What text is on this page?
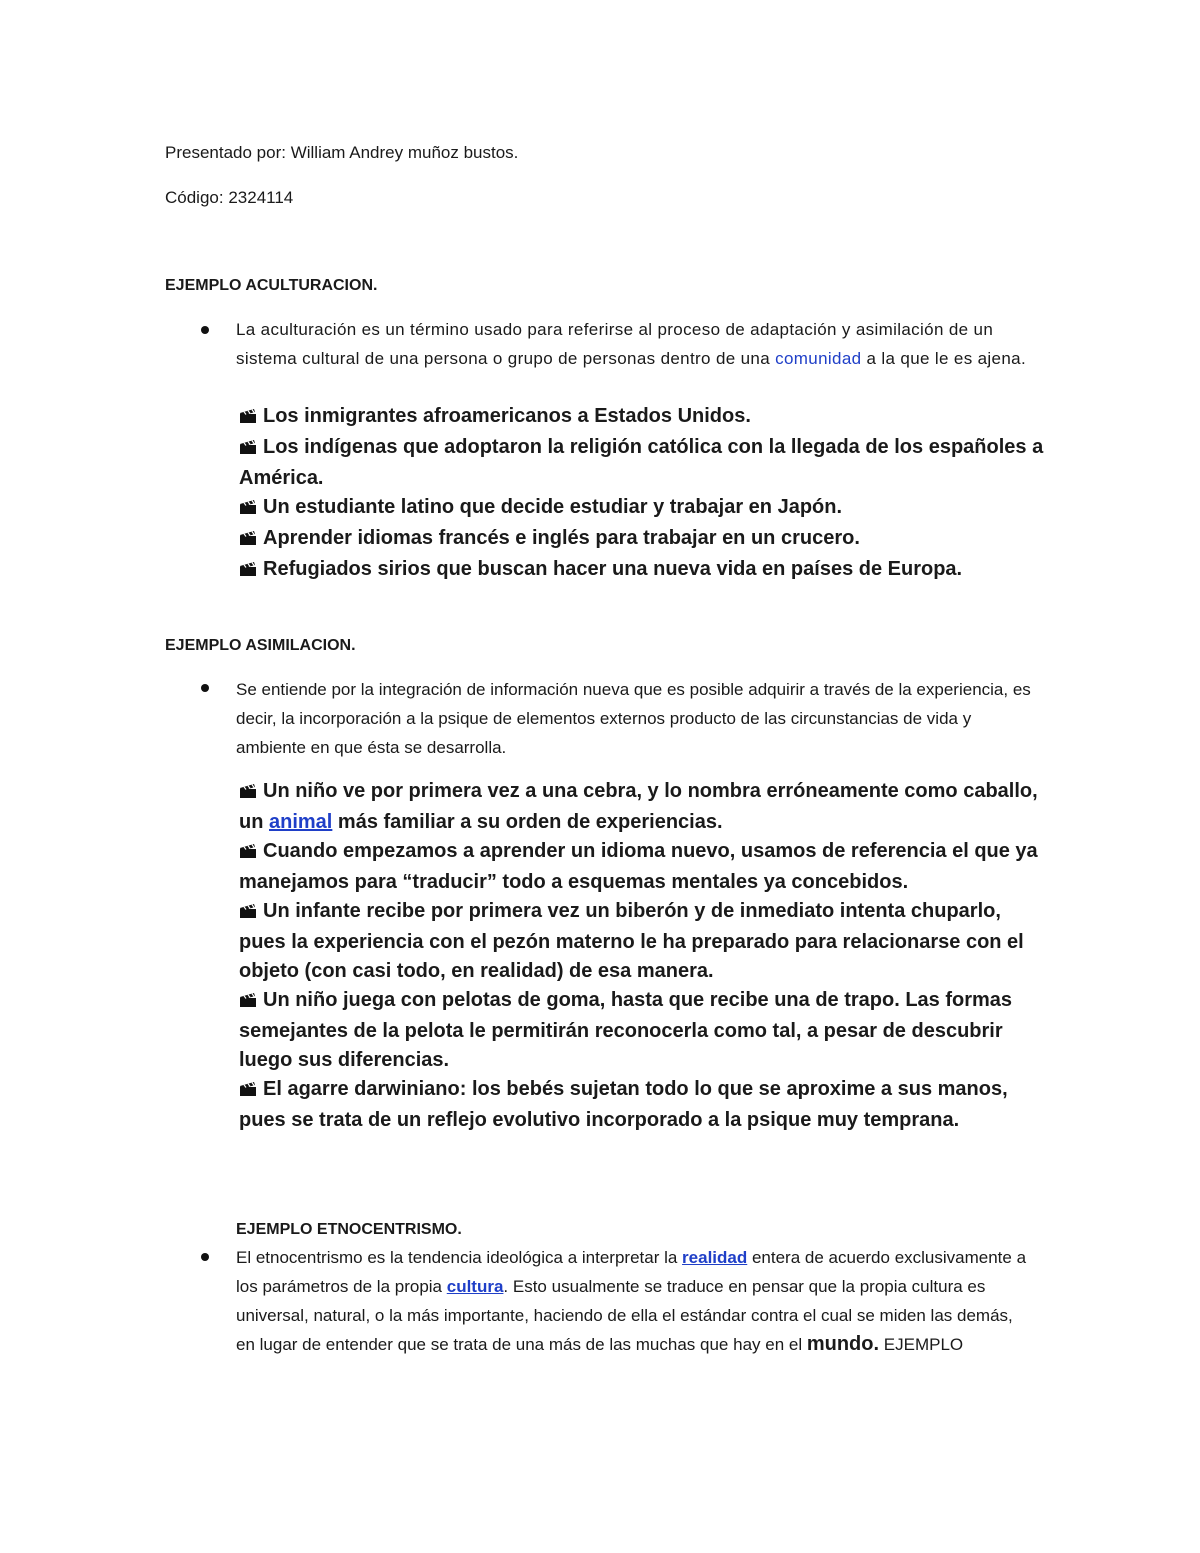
Presentado por: William Andrey muñoz bustos.
Código: 2324114
EJEMPLO ACULTURACION.
La aculturación es un término usado para referirse al proceso de adaptación y asimilación de un sistema cultural de una persona o grupo de personas dentro de una comunidad a la que le es ajena.

Los inmigrantes afroamericanos a Estados Unidos.

Los indígenas que adoptaron la religión católica con la llegada de los españoles a América.

Un estudiante latino que decide estudiar y trabajar en Japón.

Aprender idiomas francés e inglés para trabajar en un crucero.

Refugiados sirios que buscan hacer una nueva vida en países de Europa.

EJEMPLO ASIMILACION.
Se entiende por la integración de información nueva que es posible adquirir a través de la experiencia, es decir, la incorporación a la psique de elementos externos producto de las circunstancias de vida y ambiente en que ésta se desarrolla.

Un niño ve por primera vez a una cebra, y lo nombra erróneamente como caballo, un animal más familiar a su orden de experiencias.

Cuando empezamos a aprender un idioma nuevo, usamos de referencia el que ya manejamos para “traducir” todo a esquemas mentales ya concebidos.

Un infante recibe por primera vez un biberón y de inmediato intenta chuparlo, pues la experiencia con el pezón materno le ha preparado para relacionarse con el objeto (con casi todo, en realidad) de esa manera.

Un niño juega con pelotas de goma, hasta que recibe una de trapo. Las formas semejantes de la pelota le permitirán reconocerla como tal, a pesar de descubrir luego sus diferencias.

El agarre darwiniano: los bebés sujetan todo lo que se aproxime a sus manos, pues se trata de un reflejo evolutivo incorporado a la psique muy temprana.

EJEMPLO ETNOCENTRISMO.
El etnocentrismo es la tendencia ideológica a interpretar la realidad entera de acuerdo exclusivamente a los parámetros de la propia cultura. Esto usualmente se traduce en pensar que la propia cultura es universal, natural, o la más importante, haciendo de ella el estándar contra el cual se miden las demás, en lugar de entender que se trata de una más de las muchas que hay en el mundo. EJEMPLO
